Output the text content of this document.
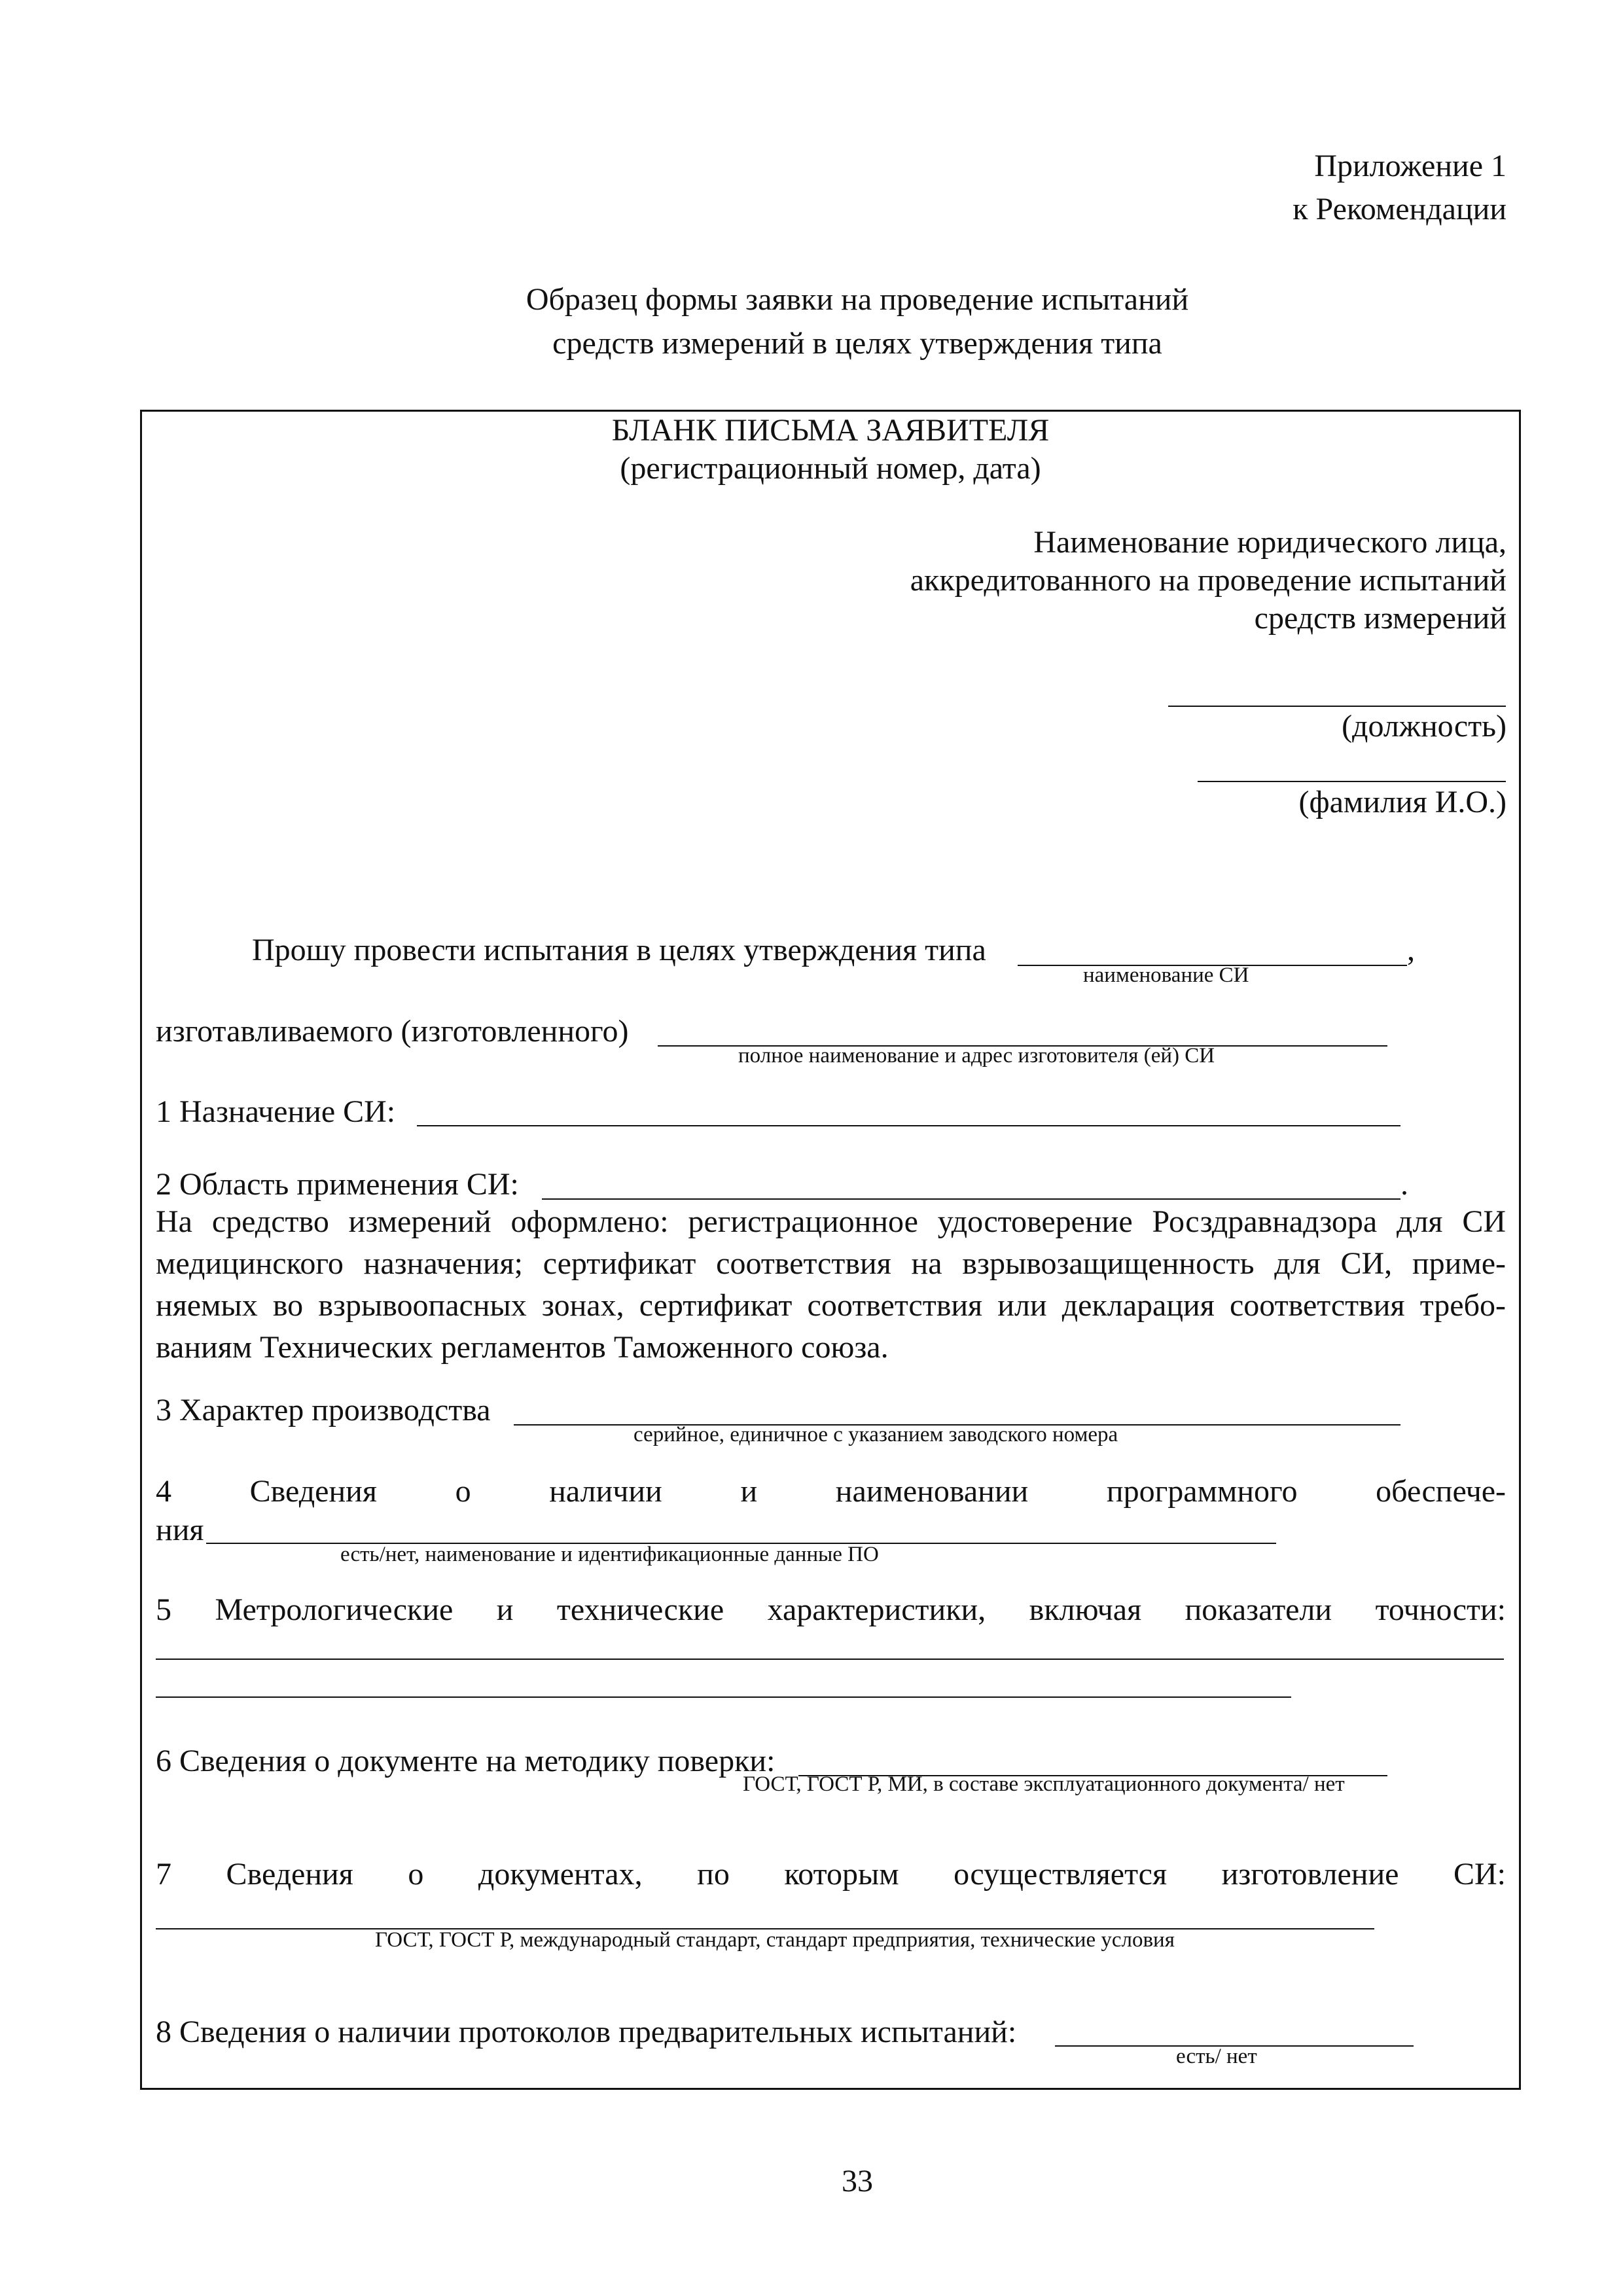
Приложение 1
к Рекомендации
Образец формы заявки на проведение испытаний
средств измерений в целях утверждения типа
БЛАНК ПИСЬМА ЗАЯВИТЕЛЯ
(регистрационный номер, дата)
Наименование юридического лица,
аккредитованного на проведение испытаний
средств измерений
(должность)
(фамилия И.О.)
Прошу провести испытания в целях утверждения типа	,
наименование СИ
изготавливаемого (изготовленного)
полное наименование и адрес изготовителя (ей) СИ
1 Назначение СИ:
2 Область применения СИ:	.
На средство измерений оформлено: регистрационное удостоверение Росздравнадзора для СИ
медицинского назначения; сертификат соответствия на взрывозащищенность для СИ, приме-
няемых во взрывоопасных зонах, сертификат соответствия или декларация соответствия требо-
ваниям Технических регламентов Таможенного союза.
3 Характер производства
серийное, единичное с указанием заводского номера
4 Сведения о наличии и наименовании программного обеспече-
ния
есть/нет, наименование и идентификационные данные ПО
5 Метрологические и технические характеристики, включая показатели точности:
6 Сведения о документе на методику поверки:
ГОСТ, ГОСТ Р, МИ, в составе эксплуатационного документа/ нет
7 Сведения о документах, по которым осуществляется изготовление СИ:
ГОСТ, ГОСТ Р, международный стандарт, стандарт предприятия, технические условия
8 Сведения о наличии протоколов предварительных испытаний:
есть/ нет
33
